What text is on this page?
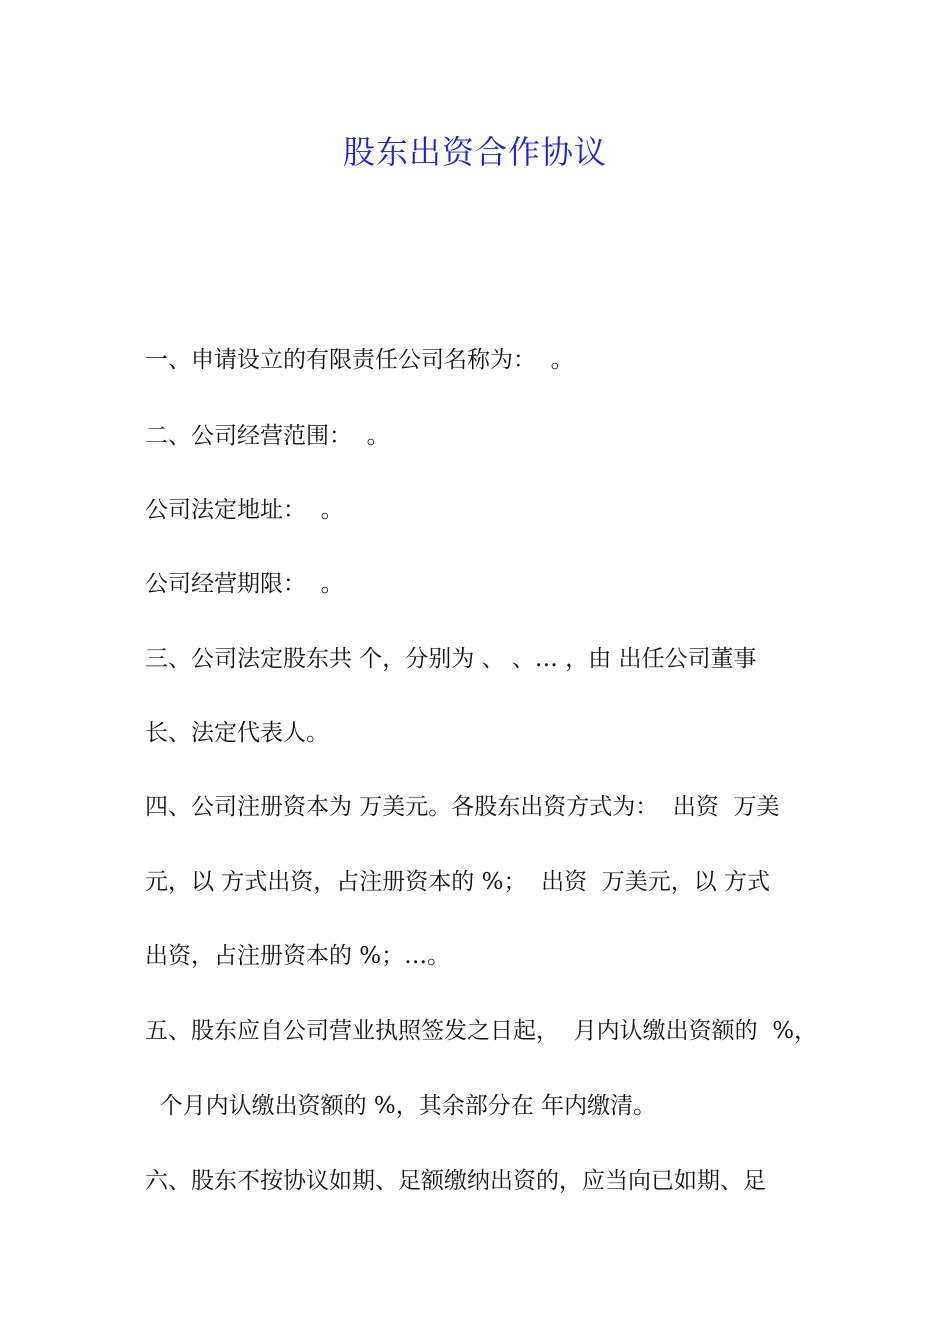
股东出资合作协议
一、申请设立的有限责任公司名称为：  。
二、公司经营范围：  。
公司法定地址：  。
公司经营期限：  。
三、公司法定股东共 个，分别为 、 、… ，由 出任公司董事
长、法定代表人。
四、公司注册资本为 万美元。各股东出资方式为：  出资  万美
元，以 方式出资，占注册资本的 %；  出资  万美元，以 方式
出资，占注册资本的 %；…。
五、股东应自公司营业执照签发之日起，  月内认缴出资额的  %，
个月内认缴出资额的 %，其余部分在 年内缴清。
六、股东不按协议如期、足额缴纳出资的，应当向已如期、足
